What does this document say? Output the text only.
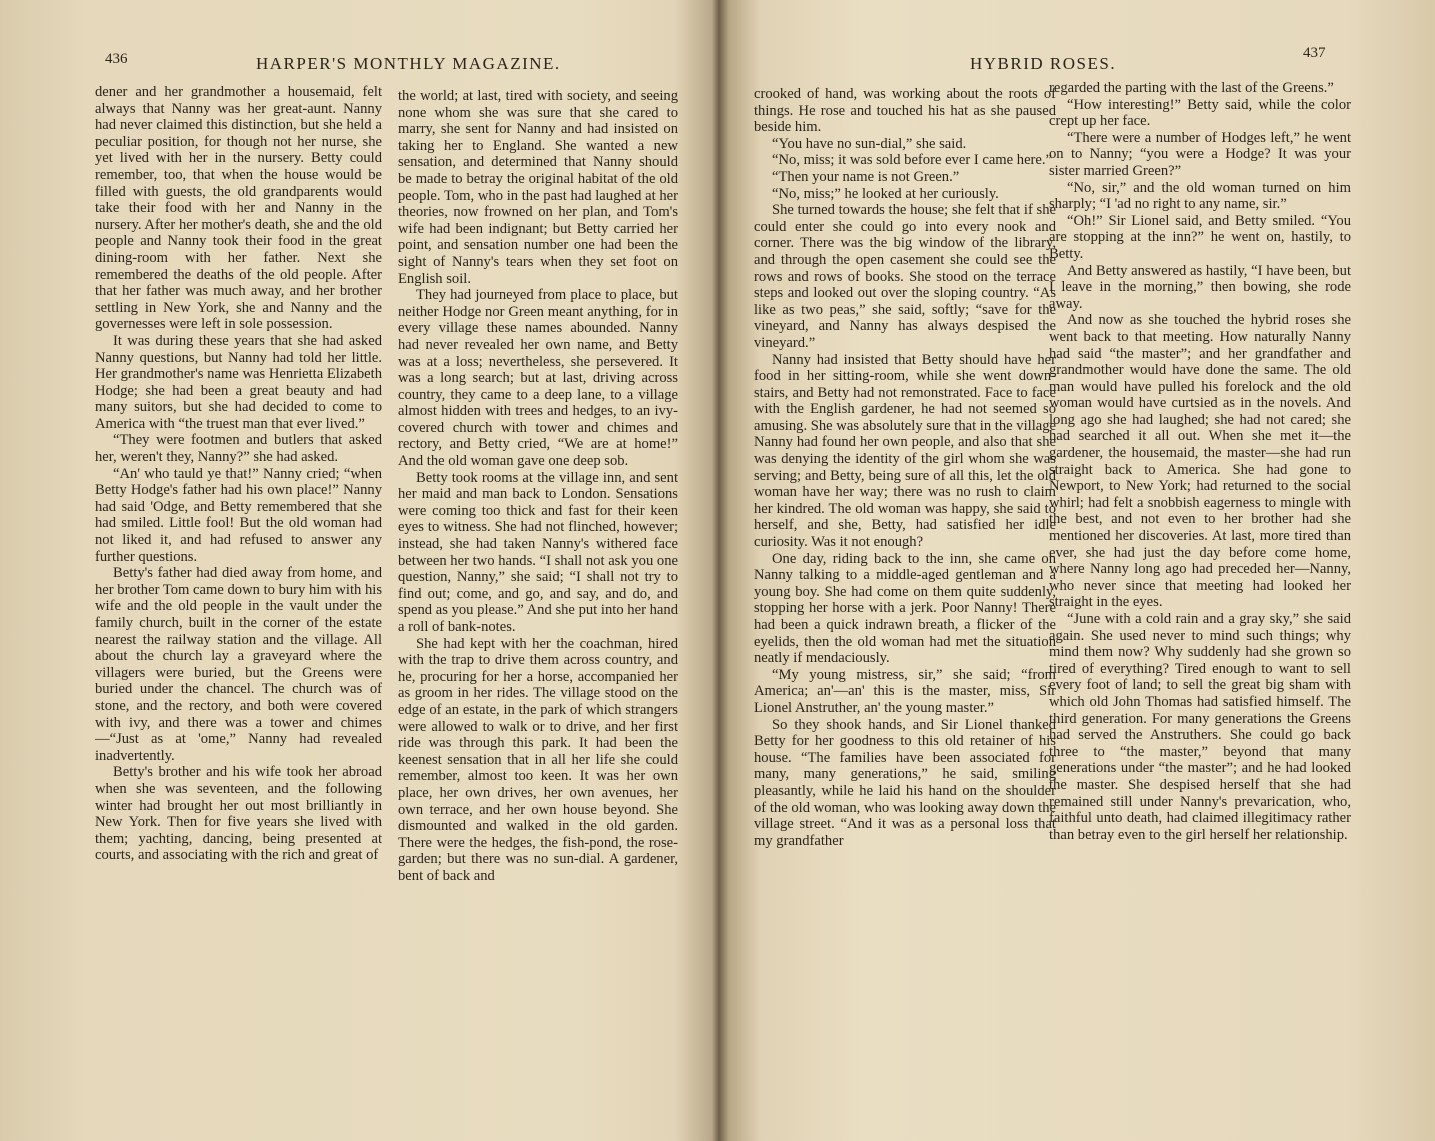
436	HARPER'S MONTHLY MAGAZINE.

dener and her grandmother a housemaid, felt always that Nanny was her great-aunt. Nanny had never claimed this distinction, but she held a peculiar position, for though not her nurse, she yet lived with her in the nursery. Betty could remember, too, that when the house would be filled with guests, the old grandparents would take their food with her and Nanny in the nursery. After her mother's death, she and the old people and Nanny took their food in the great dining-room with her father. Next she remembered the deaths of the old people. After that her father was much away, and her brother settling in New York, she and Nanny and the governesses were left in sole possession.

It was during these years that she had asked Nanny questions, but Nanny had told her little. Her grandmother's name was Henrietta Elizabeth Hodge; she had been a great beauty and had many suitors, but she had decided to come to America with “the truest man that ever lived.”

“They were footmen and butlers that asked her, weren't they, Nanny?” she had asked.

“An' who tauld ye that!” Nanny cried; “when Betty Hodge's father had his own place!” Nanny had said 'Odge, and Betty remembered that she had smiled. Little fool! But the old woman had not liked it, and had refused to answer any further questions.

Betty's father had died away from home, and her brother Tom came down to bury him with his wife and the old people in the vault under the family church, built in the corner of the estate nearest the railway station and the village. All about the church lay a graveyard where the villagers were buried, but the Greens were buried under the chancel. The church was of stone, and the rectory, and both were covered with ivy, and there was a tower and chimes—“Just as at 'ome,” Nanny had revealed inadvertently.

Betty's brother and his wife took her abroad when she was seventeen, and the following winter had brought her out most brilliantly in New York. Then for five years she lived with them; yachting, dancing, being presented at courts, and associating with the rich and great of

the world; at last, tired with society, and seeing none whom she was sure that she cared to marry, she sent for Nanny and had insisted on taking her to England. She wanted a new sensation, and determined that Nanny should be made to betray the original habitat of the old people. Tom, who in the past had laughed at her theories, now frowned on her plan, and Tom's wife had been indignant; but Betty carried her point, and sensation number one had been the sight of Nanny's tears when they set foot on English soil.

They had journeyed from place to place, but neither Hodge nor Green meant anything, for in every village these names abounded. Nanny had never revealed her own name, and Betty was at a loss; nevertheless, she persevered. It was a long search; but at last, driving across country, they came to a deep lane, to a village almost hidden with trees and hedges, to an ivy-covered church with tower and chimes and rectory, and Betty cried, “We are at home!” And the old woman gave one deep sob.

Betty took rooms at the village inn, and sent her maid and man back to London. Sensations were coming too thick and fast for their keen eyes to witness. She had not flinched, however; instead, she had taken Nanny's withered face between her two hands. “I shall not ask you one question, Nanny,” she said; “I shall not try to find out; come, and go, and say, and do, and spend as you please.” And she put into her hand a roll of bank-notes.

She had kept with her the coachman, hired with the trap to drive them across country, and he, procuring for her a horse, accompanied her as groom in her rides. The village stood on the edge of an estate, in the park of which strangers were allowed to walk or to drive, and her first ride was through this park. It had been the keenest sensation that in all her life she could remember, almost too keen. It was her own place, her own drives, her own avenues, her own terrace, and her own house beyond. She dismounted and walked in the old garden. There were the hedges, the fish-pond, the rose-garden; but there was no sun-dial. A gardener, bent of back and

HYBRID ROSES.
437

crooked of hand, was working about the roots of things. He rose and touched his hat as she paused beside him.

“You have no sun-dial,” she said.

“No, miss; it was sold before ever I came here.”

“Then your name is not Green.”

“No, miss;” he looked at her curiously.

She turned towards the house; she felt that if she could enter she could go into every nook and corner. There was the big window of the library, and through the open casement she could see the rows and rows of books. She stood on the terrace steps and looked out over the sloping country. “As like as two peas,” she said, softly; “save for the vineyard, and Nanny has always despised the vineyard.”

Nanny had insisted that Betty should have her food in her sitting-room, while she went down-stairs, and Betty had not remonstrated. Face to face with the English gardener, he had not seemed so amusing. She was absolutely sure that in the village Nanny had found her own people, and also that she was denying the identity of the girl whom she was serving; and Betty, being sure of all this, let the old woman have her way; there was no rush to claim her kindred. The old woman was happy, she said to herself, and she, Betty, had satisfied her idle curiosity. Was it not enough?

One day, riding back to the inn, she came on Nanny talking to a middle-aged gentleman and a young boy. She had come on them quite suddenly, stopping her horse with a jerk. Poor Nanny! There had been a quick indrawn breath, a flicker of the eyelids, then the old woman had met the situation neatly if mendaciously.

“My young mistress, sir,” she said; “from America; an'—an' this is the master, miss, Sir Lionel Anstruther, an' the young master.”

So they shook hands, and Sir Lionel thanked Betty for her goodness to this old retainer of his house. “The families have been associated for many, many generations,” he said, smiling pleasantly, while he laid his hand on the shoulder of the old woman, who was looking away down the village street. “And it was as a personal loss that my grandfather

regarded the parting with the last of the Greens.”

“How interesting!” Betty said, while the color crept up her face.

“There were a number of Hodges left,” he went on to Nanny; “you were a Hodge? It was your sister married Green?”

“No, sir,” and the old woman turned on him sharply; “I 'ad no right to any name, sir.”

“Oh!” Sir Lionel said, and Betty smiled. “You are stopping at the inn?” he went on, hastily, to Betty.

And Betty answered as hastily, “I have been, but I leave in the morning,” then bowing, she rode away.

And now as she touched the hybrid roses she went back to that meeting. How naturally Nanny had said “the master”; and her grandfather and grandmother would have done the same. The old man would have pulled his forelock and the old woman would have curtsied as in the novels. And long ago she had laughed; she had not cared; she had searched it all out. When she met it—the gardener, the housemaid, the master—she had run straight back to America. She had gone to Newport, to New York; had returned to the social whirl; had felt a snobbish eagerness to mingle with the best, and not even to her brother had she mentioned her discoveries. At last, more tired than ever, she had just the day before come home, where Nanny long ago had preceded her—Nanny, who never since that meeting had looked her straight in the eyes.

“June with a cold rain and a gray sky,” she said again. She used never to mind such things; why mind them now? Why suddenly had she grown so tired of everything? Tired enough to want to sell every foot of land; to sell the great big sham with which old John Thomas had satisfied himself. The third generation. For many generations the Greens had served the Anstruthers. She could go back three to “the master,” beyond that many generations under “the master”; and he had looked the master. She despised herself that she had remained still under Nanny's prevarication, who, faithful unto death, had claimed illegitimacy rather than betray even to the girl herself her relationship.
